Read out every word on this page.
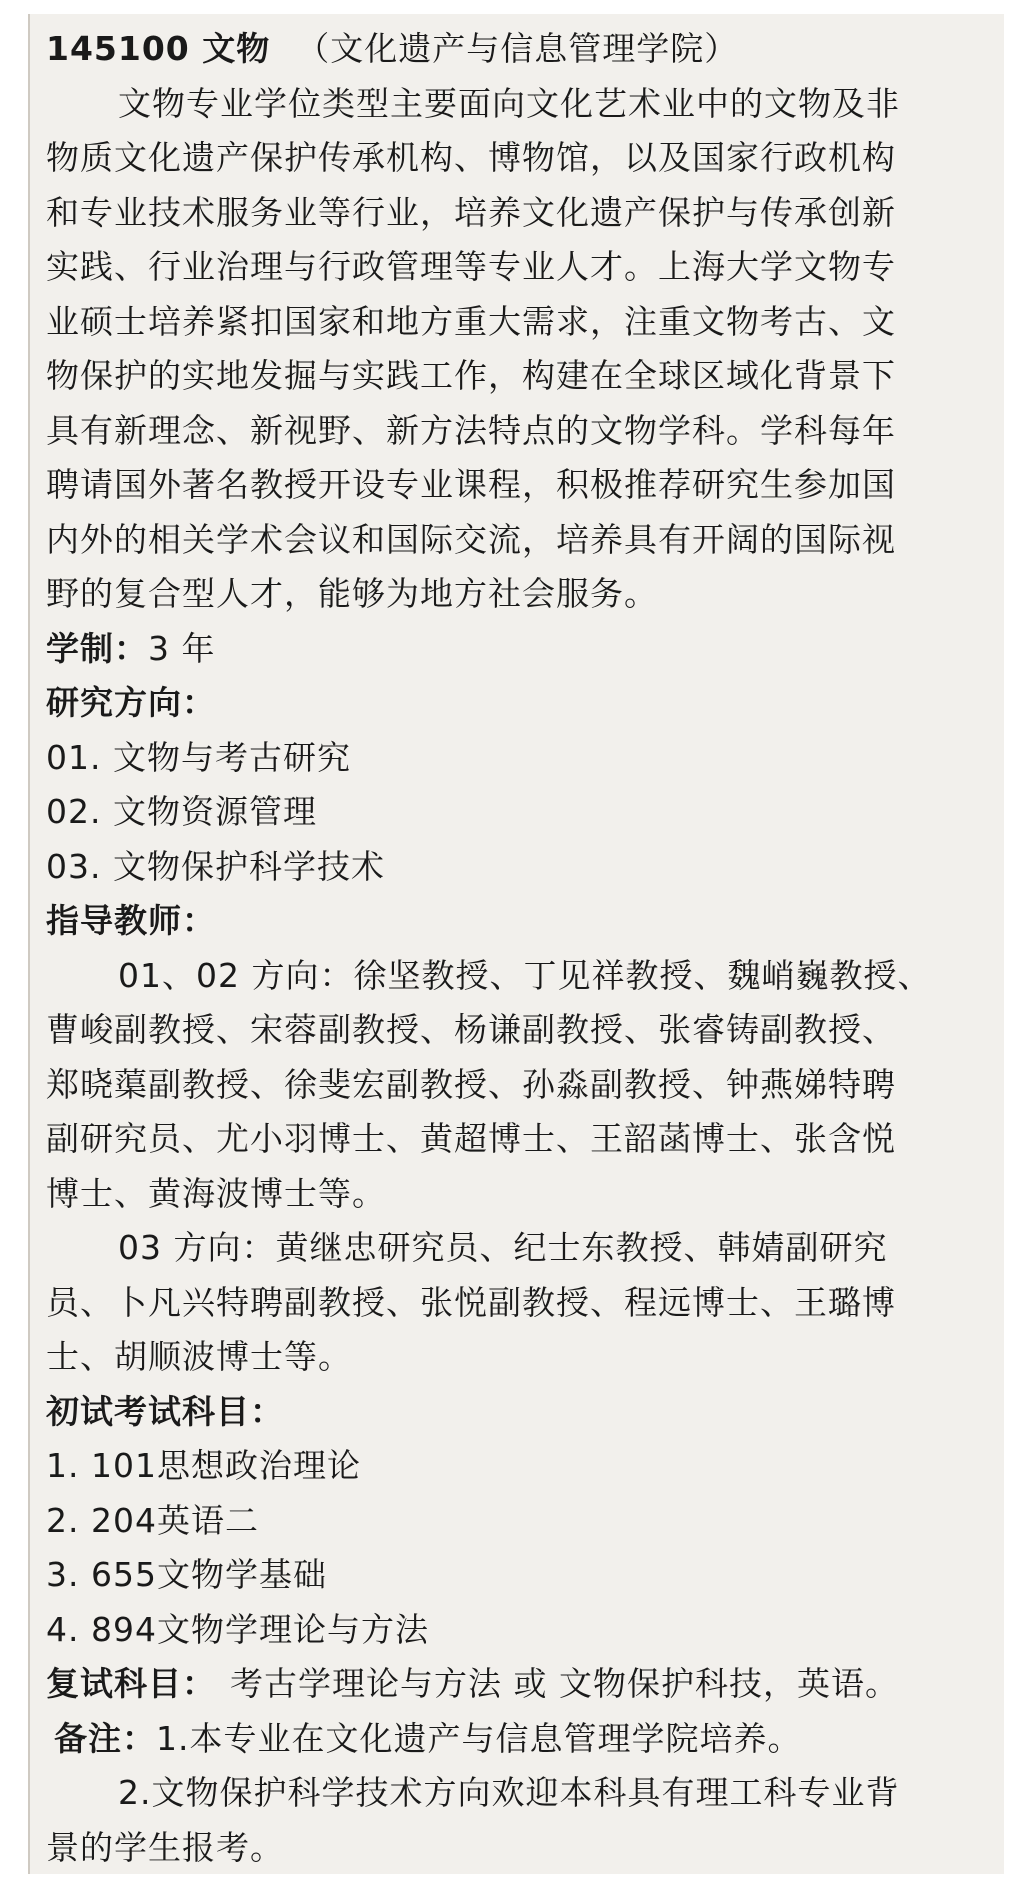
145100 文物 （文化遗产与信息管理学院）
文物专业学位类型主要面向文化艺术业中的文物及非
物质文化遗产保护传承机构、博物馆，以及国家行政机构
和专业技术服务业等行业，培养文化遗产保护与传承创新
实践、行业治理与行政管理等专业人才。上海大学文物专
业硕士培养紧扣国家和地方重大需求，注重文物考古、文
物保护的实地发掘与实践工作，构建在全球区域化背景下
具有新理念、新视野、新方法特点的文物学科。学科每年
聘请国外著名教授开设专业课程，积极推荐研究生参加国
内外的相关学术会议和国际交流，培养具有开阔的国际视
野的复合型人才，能够为地方社会服务。
学制：3 年
研究方向：
01. 文物与考古研究
02. 文物资源管理
03. 文物保护科学技术
指导教师：
01、02 方向：徐坚教授、丁见祥教授、魏峭巍教授、
曹峻副教授、宋蓉副教授、杨谦副教授、张睿铸副教授、
郑晓蕖副教授、徐斐宏副教授、孙淼副教授、钟燕娣特聘
副研究员、尤小羽博士、黄超博士、王韶菡博士、张含悦
博士、黄海波博士等。
03 方向：黄继忠研究员、纪士东教授、韩婧副研究
员、卜凡兴特聘副教授、张悦副教授、程远博士、王璐博
士、胡顺波博士等。
初试考试科目：
1. 101思想政治理论
2. 204英语二
3. 655文物学基础
4. 894文物学理论与方法
复试科目： 考古学理论与方法 或 文物保护科技，英语。
备注：1.本专业在文化遗产与信息管理学院培养。
2.文物保护科学技术方向欢迎本科具有理工科专业背
景的学生报考。
